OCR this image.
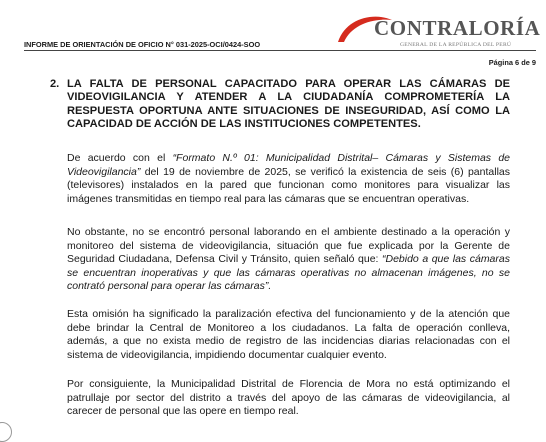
CONTRALORÍA
GENERAL DE LA REPÚBLICA DEL PERÚ
INFORME DE ORIENTACIÓN DE OFICIO N° 031-2025-OCI/0424-SOO
Página 6 de 9
2. LA FALTA DE PERSONAL CAPACITADO PARA OPERAR LAS CÁMARAS DE VIDEOVIGILANCIA Y ATENDER A LA CIUDADANÍA COMPROMETERÍA LA RESPUESTA OPORTUNA ANTE SITUACIONES DE INSEGURIDAD, ASÍ COMO LA CAPACIDAD DE ACCIÓN DE LAS INSTITUCIONES COMPETENTES.

De acuerdo con el “Formato N.º 01: Municipalidad Distrital– Cámaras y Sistemas de Videovigilancia” del 19 de noviembre de 2025, se verificó la existencia de seis (6) pantallas (televisores) instalados en la pared que funcionan como monitores para visualizar las imágenes transmitidas en tiempo real para las cámaras que se encuentran operativas.

No obstante, no se encontró personal laborando en el ambiente destinado a la operación y monitoreo del sistema de videovigilancia, situación que fue explicada por la Gerente de Seguridad Ciudadana, Defensa Civil y Tránsito, quien señaló que: “Debido a que las cámaras se encuentran inoperativas y que las cámaras operativas no almacenan imágenes, no se contrató personal para operar las cámaras”.

Esta omisión ha significado la paralización efectiva del funcionamiento y de la atención que debe brindar la Central de Monitoreo a los ciudadanos. La falta de operación conlleva, además, a que no exista medio de registro de las incidencias diarias relacionadas con el sistema de videovigilancia, impidiendo documentar cualquier evento.

Por consiguiente, la Municipalidad Distrital de Florencia de Mora no está optimizando el patrullaje por sector del distrito a través del apoyo de las cámaras de videovigilancia, al carecer de personal que las opere en tiempo real.
